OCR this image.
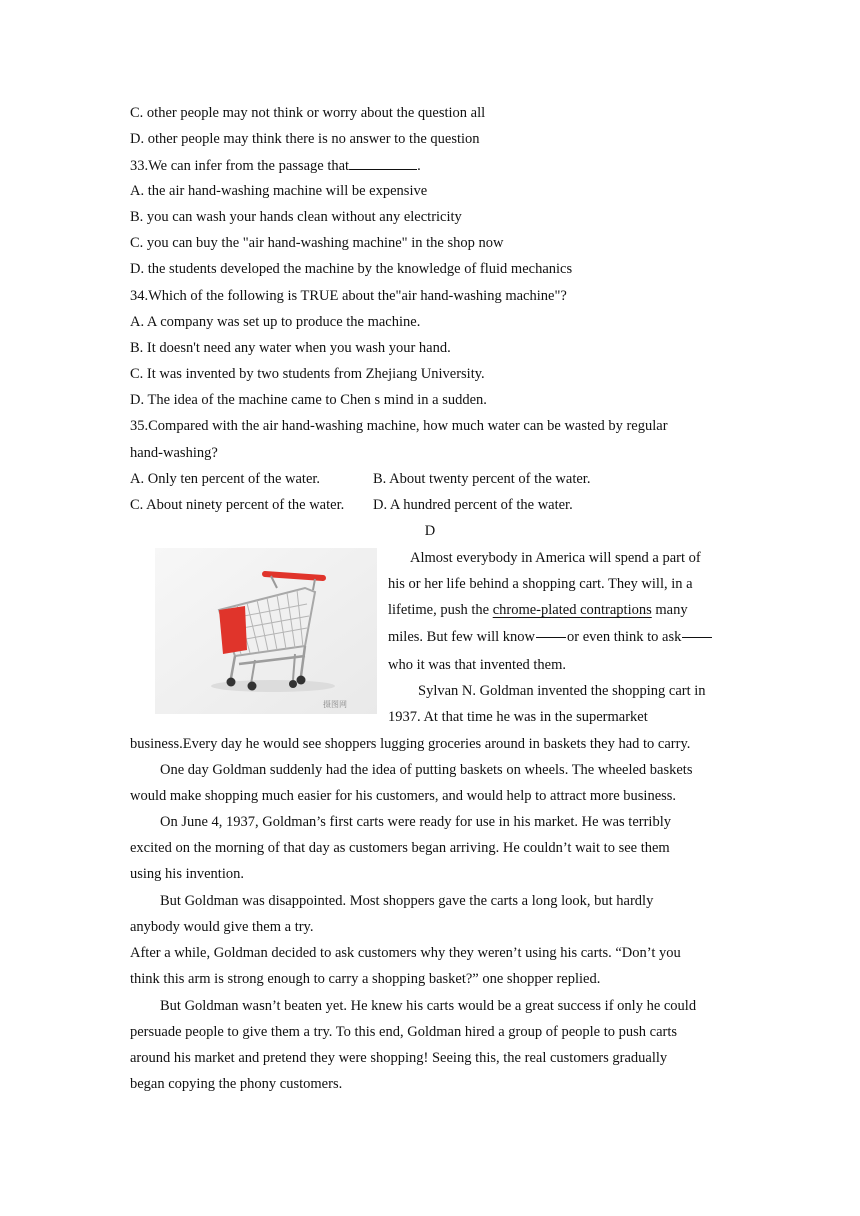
C. other people may not think or worry about the question all
D. other people may think there is no answer to the question
33.We can infer from the passage that	.
A. the air hand-washing machine will be expensive
B. you can wash your hands clean without any electricity
C. you can buy the "air hand-washing machine" in the shop now
D. the students developed the machine by the knowledge of fluid mechanics
34.Which of the following is TRUE about the"air hand-washing machine"?
A. A company was set up to produce the machine.
B. It doesn't need any water when you wash your hand.
C. It was invented by two students from Zhejiang University.
D. The idea of the machine came to Chen s mind in a sudden.
35.Compared with the air hand-washing machine, how much water can be wasted by regular
hand-washing?
A. Only ten percent of the water.	B. About twenty percent of the water.
C. About ninety percent of the water. D. A hundred percent of the water.
D
摄图网
Almost everybody in America will spend a part of
his or her life behind a shopping cart. They will, in a
lifetime, push the chrome-plated contraptions many
miles. But few will know or even think to ask
who it was that invented them.
Sylvan N. Goldman invented the shopping cart in
1937. At that time he was in the supermarket
business.Every day he would see shoppers lugging groceries around in baskets they had to carry.
One day Goldman suddenly had the idea of putting baskets on wheels. The wheeled baskets
would make shopping much easier for his customers, and would help to attract more business.
On June 4, 1937, Goldman’s first carts were ready for use in his market. He was terribly
excited on the morning of that day as customers began arriving. He couldn’t wait to see them
using his invention.
But Goldman was disappointed. Most shoppers gave the carts a long look, but hardly
anybody would give them a try.
After a while, Goldman decided to ask customers why they weren’t using his carts. “Don’t you
think this arm is strong enough to carry a shopping basket?” one shopper replied.
But Goldman wasn’t beaten yet. He knew his carts would be a great success if only he could
persuade people to give them a try. To this end, Goldman hired a group of people to push carts
around his market and pretend they were shopping! Seeing this, the real customers gradually
began copying the phony customers.
